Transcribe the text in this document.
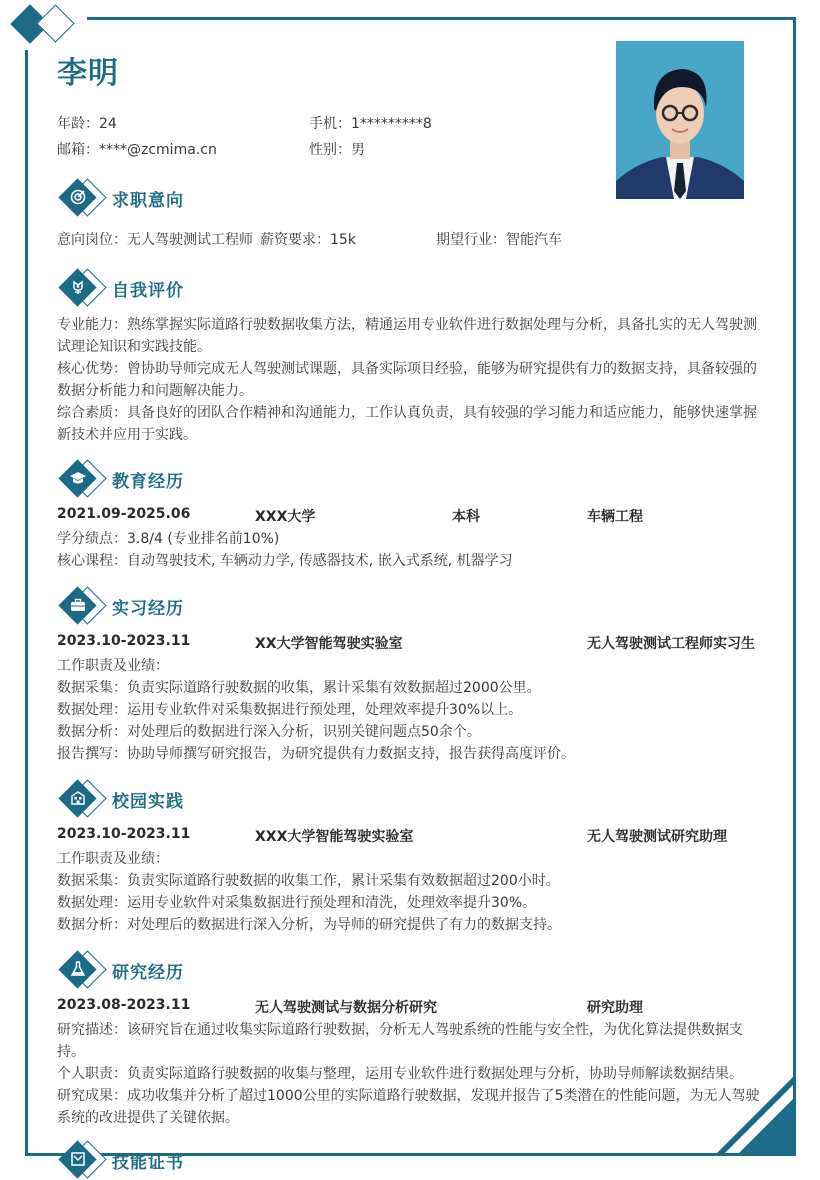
李明
年龄：24	手机：1*********8
邮箱：****@zcmima.cn	性别：男
求职意向
意向岗位：无人驾驶测试工程师 薪资要求：15k	期望行业：智能汽车
自我评价
专业能力：熟练掌握实际道路行驶数据收集方法，精通运用专业软件进行数据处理与分析，具备扎实的无人驾驶测试理论知识和实践技能。
核心优势：曾协助导师完成无人驾驶测试课题，具备实际项目经验，能够为研究提供有力的数据支持，具备较强的数据分析能力和问题解决能力。
综合素质：具备良好的团队合作精神和沟通能力，工作认真负责，具有较强的学习能力和适应能力，能够快速掌握新技术并应用于实践。
教育经历
2021.09-2025.06	XXX大学	本科	车辆工程
学分绩点：3.8/4 (专业排名前10%)
核心课程：自动驾驶技术, 车辆动力学, 传感器技术, 嵌入式系统, 机器学习
实习经历
2023.10-2023.11	XX大学智能驾驶实验室	无人驾驶测试工程师实习生
工作职责及业绩：
数据采集：负责实际道路行驶数据的收集，累计采集有效数据超过2000公里。
数据处理：运用专业软件对采集数据进行预处理，处理效率提升30%以上。
数据分析：对处理后的数据进行深入分析，识别关键问题点50余个。
报告撰写：协助导师撰写研究报告，为研究提供有力数据支持，报告获得高度评价。
校园实践
2023.10-2023.11	XXX大学智能驾驶实验室	无人驾驶测试研究助理
工作职责及业绩：
数据采集：负责实际道路行驶数据的收集工作，累计采集有效数据超过200小时。
数据处理：运用专业软件对采集数据进行预处理和清洗，处理效率提升30%。
数据分析：对处理后的数据进行深入分析，为导师的研究提供了有力的数据支持。
研究经历
2023.08-2023.11	无人驾驶测试与数据分析研究	研究助理
研究描述：该研究旨在通过收集实际道路行驶数据，分析无人驾驶系统的性能与安全性，为优化算法提供数据支持。
个人职责：负责实际道路行驶数据的收集与整理，运用专业软件进行数据处理与分析，协助导师解读数据结果。
研究成果：成功收集并分析了超过1000公里的实际道路行驶数据，发现并报告了5类潜在的性能问题，为无人驾驶系统的改进提供了关键依据。
技能证书
